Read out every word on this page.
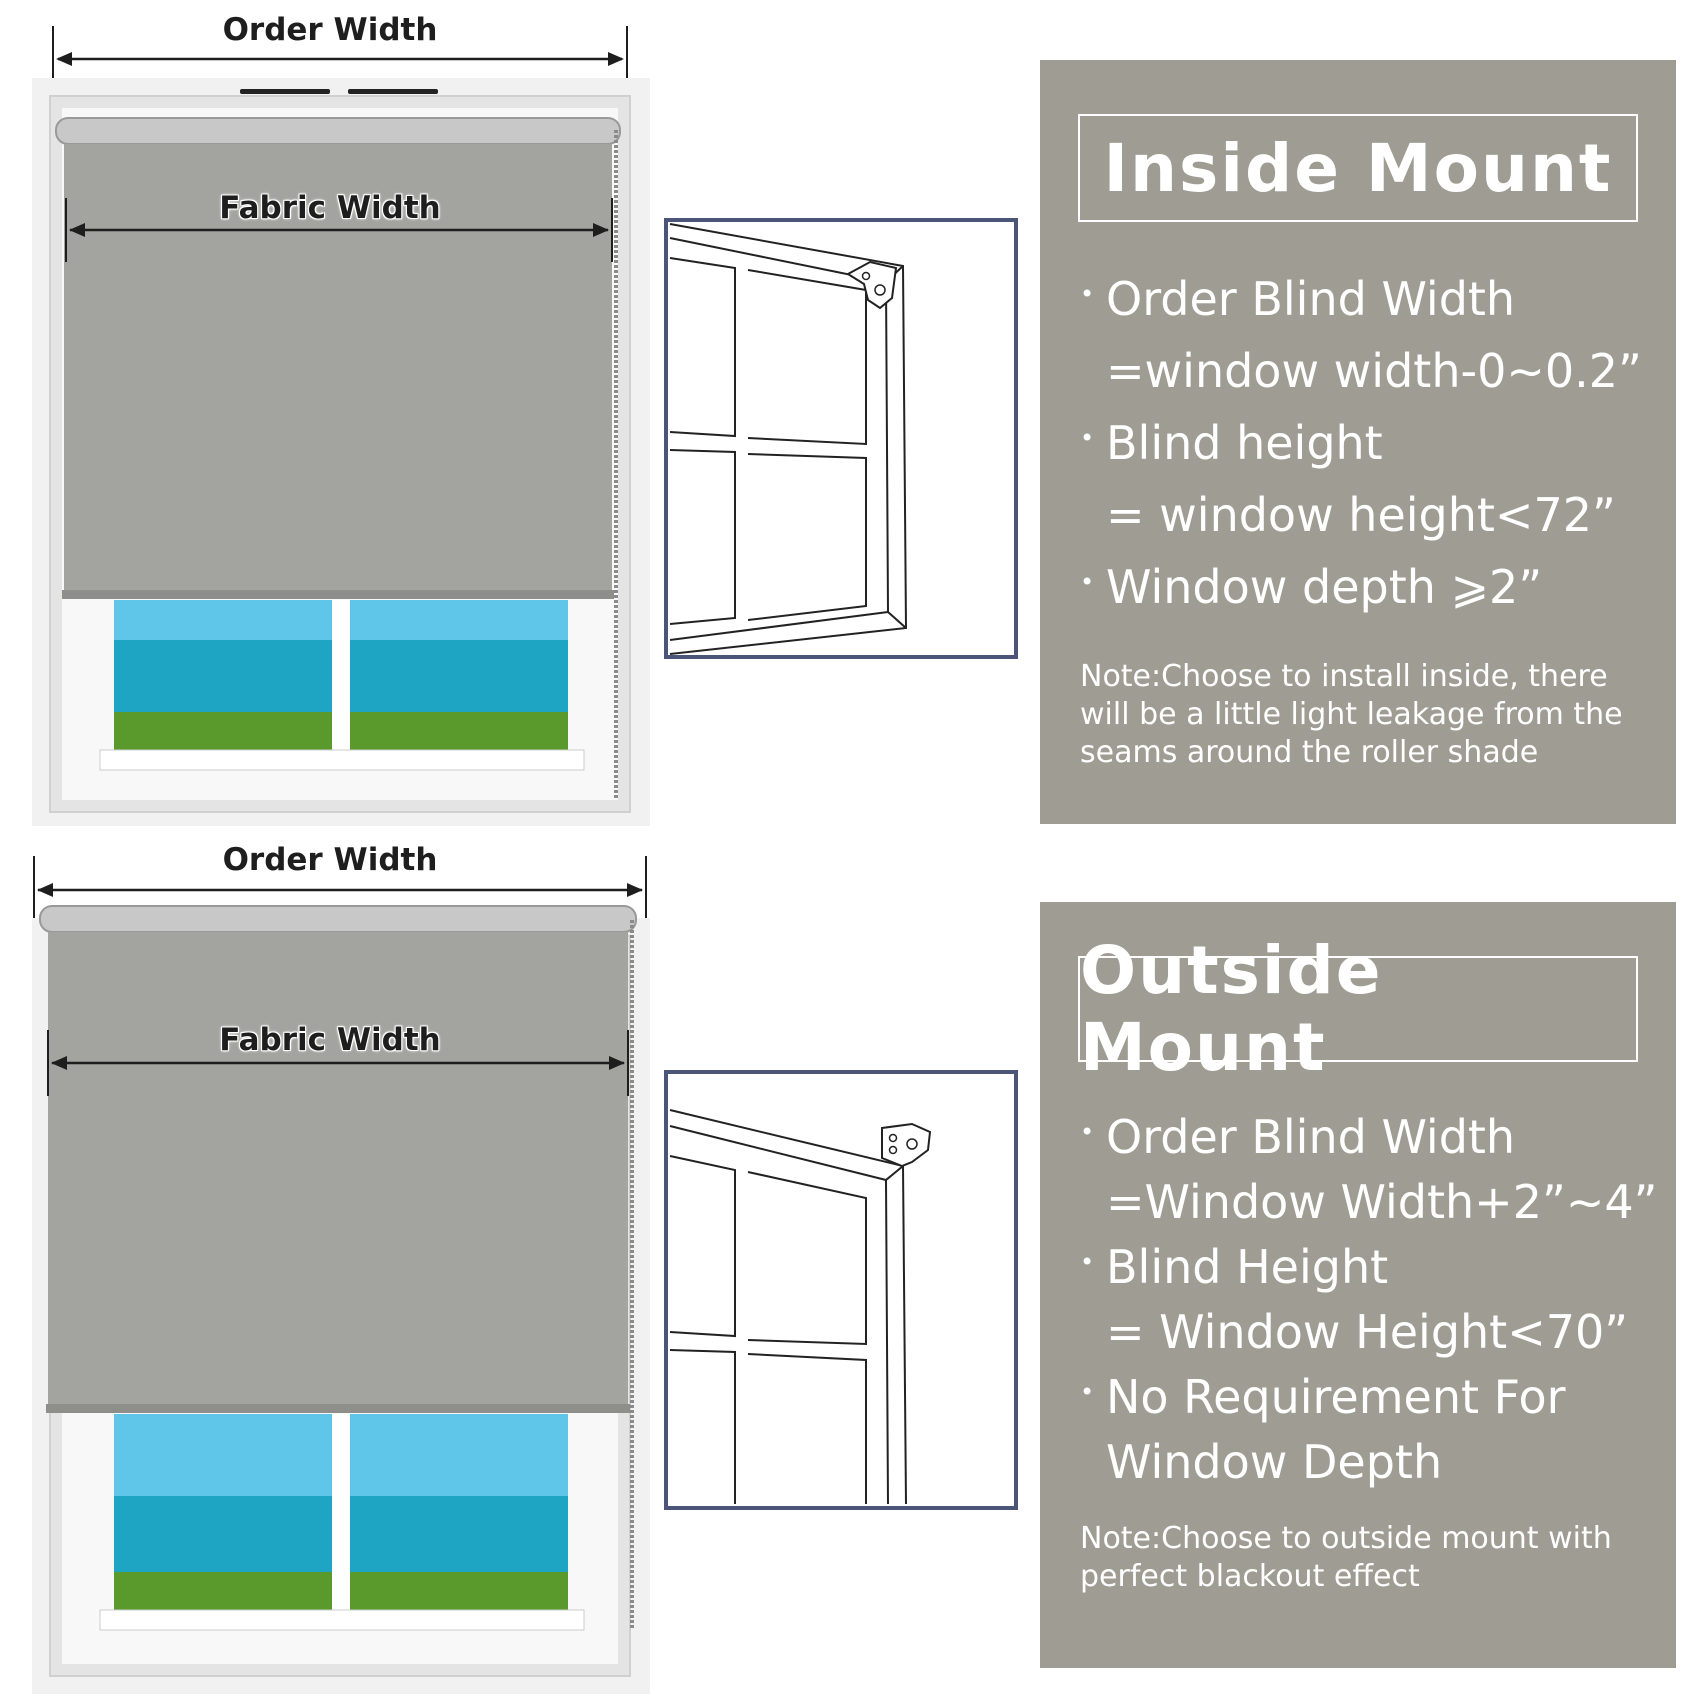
Order Width
Fabric Width
Inside Mount
• Order Blind Width
=window width-0~0.2”
• Blind height
= window height<72”
• Window depth ⩾2”
Note:Choose to install inside, there
will be a little light leakage from the
seams around the roller shade
Order Width
Fabric Width
Outside Mount
• Order Blind Width
=Window Width+2”~4”
• Blind Height
= Window Height<70”
• No Requirement For
Window Depth
Note:Choose to outside mount with
perfect blackout effect
